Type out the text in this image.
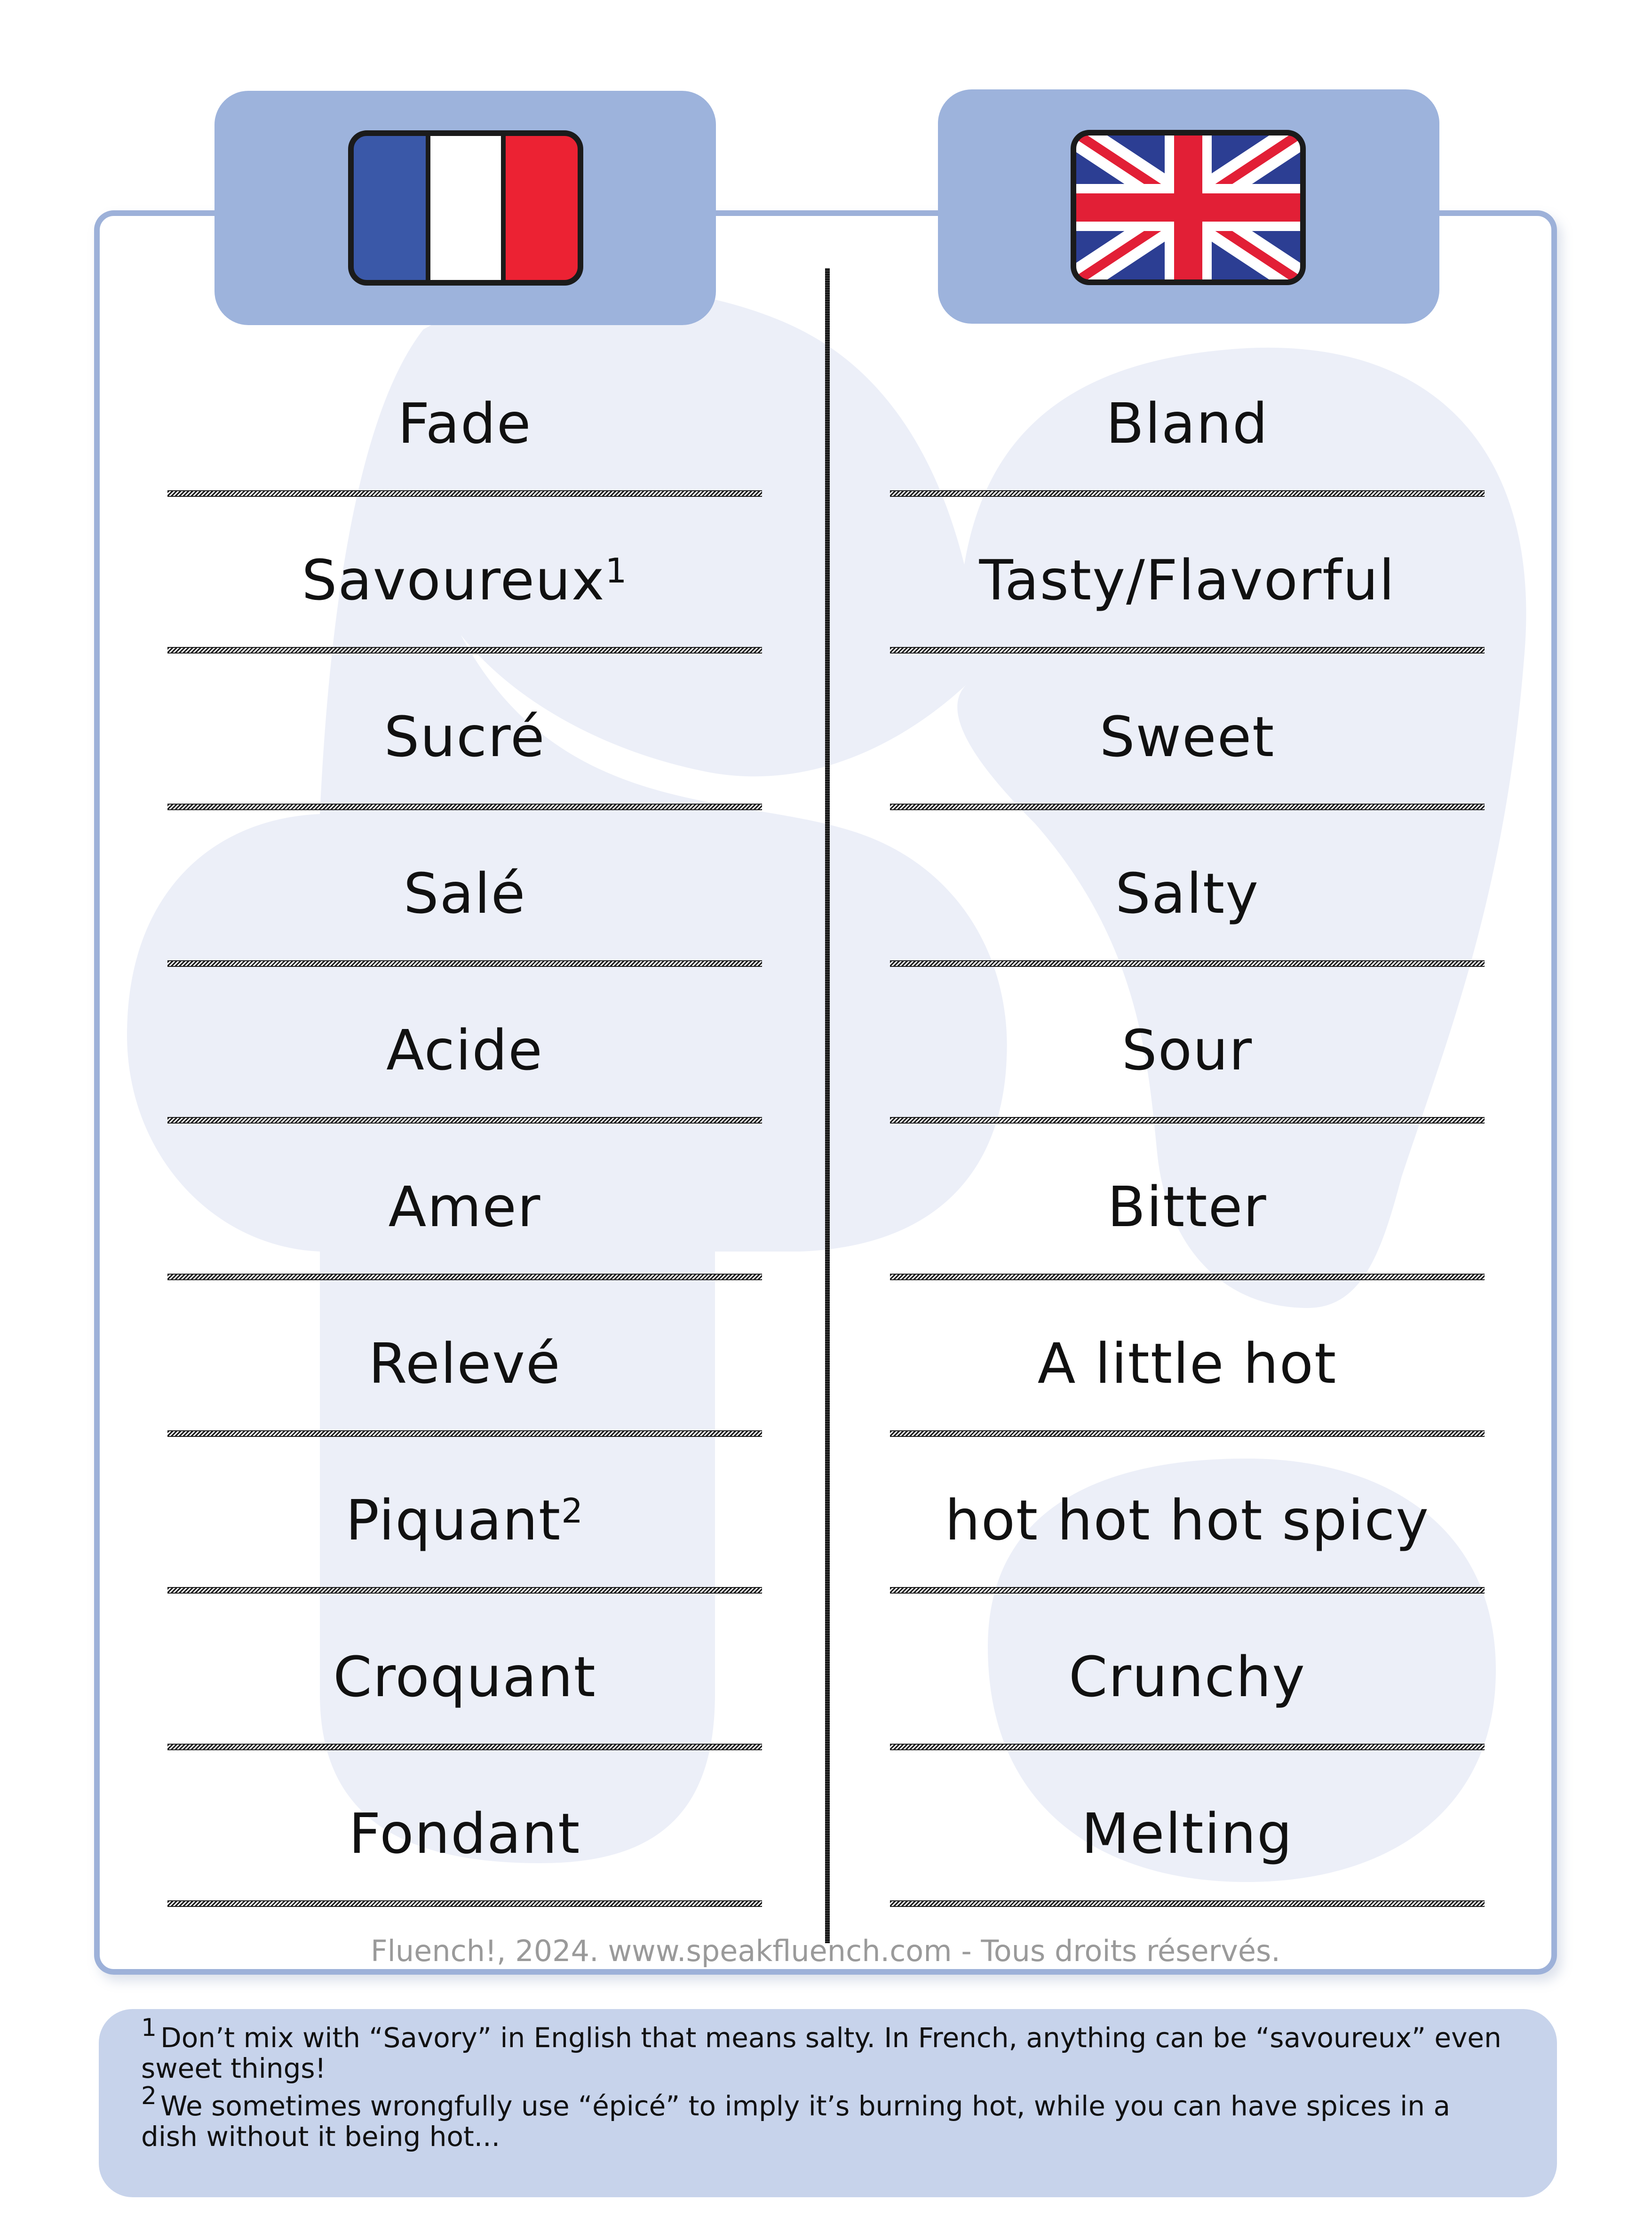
Fade	Bland
Savoureux$^1$	Tasty/Flavorful
Sucré	Sweet
Salé	Salty
Acide	Sour
Amer	Bitter
Relevé	A little hot
Piquant$^2$	hot hot hot spicy
Croquant	Crunchy
Fondant	Melting
Fluench!, 2024. www.speakfluench.com - Tous droits réservés.
1 Don’t mix with “Savory” in English that means salty. In French, anything can be “savoureux” even sweet things!
2 We sometimes wrongfully use “épicé” to imply it’s burning hot, while you can have spices in a dish without it being hot...
